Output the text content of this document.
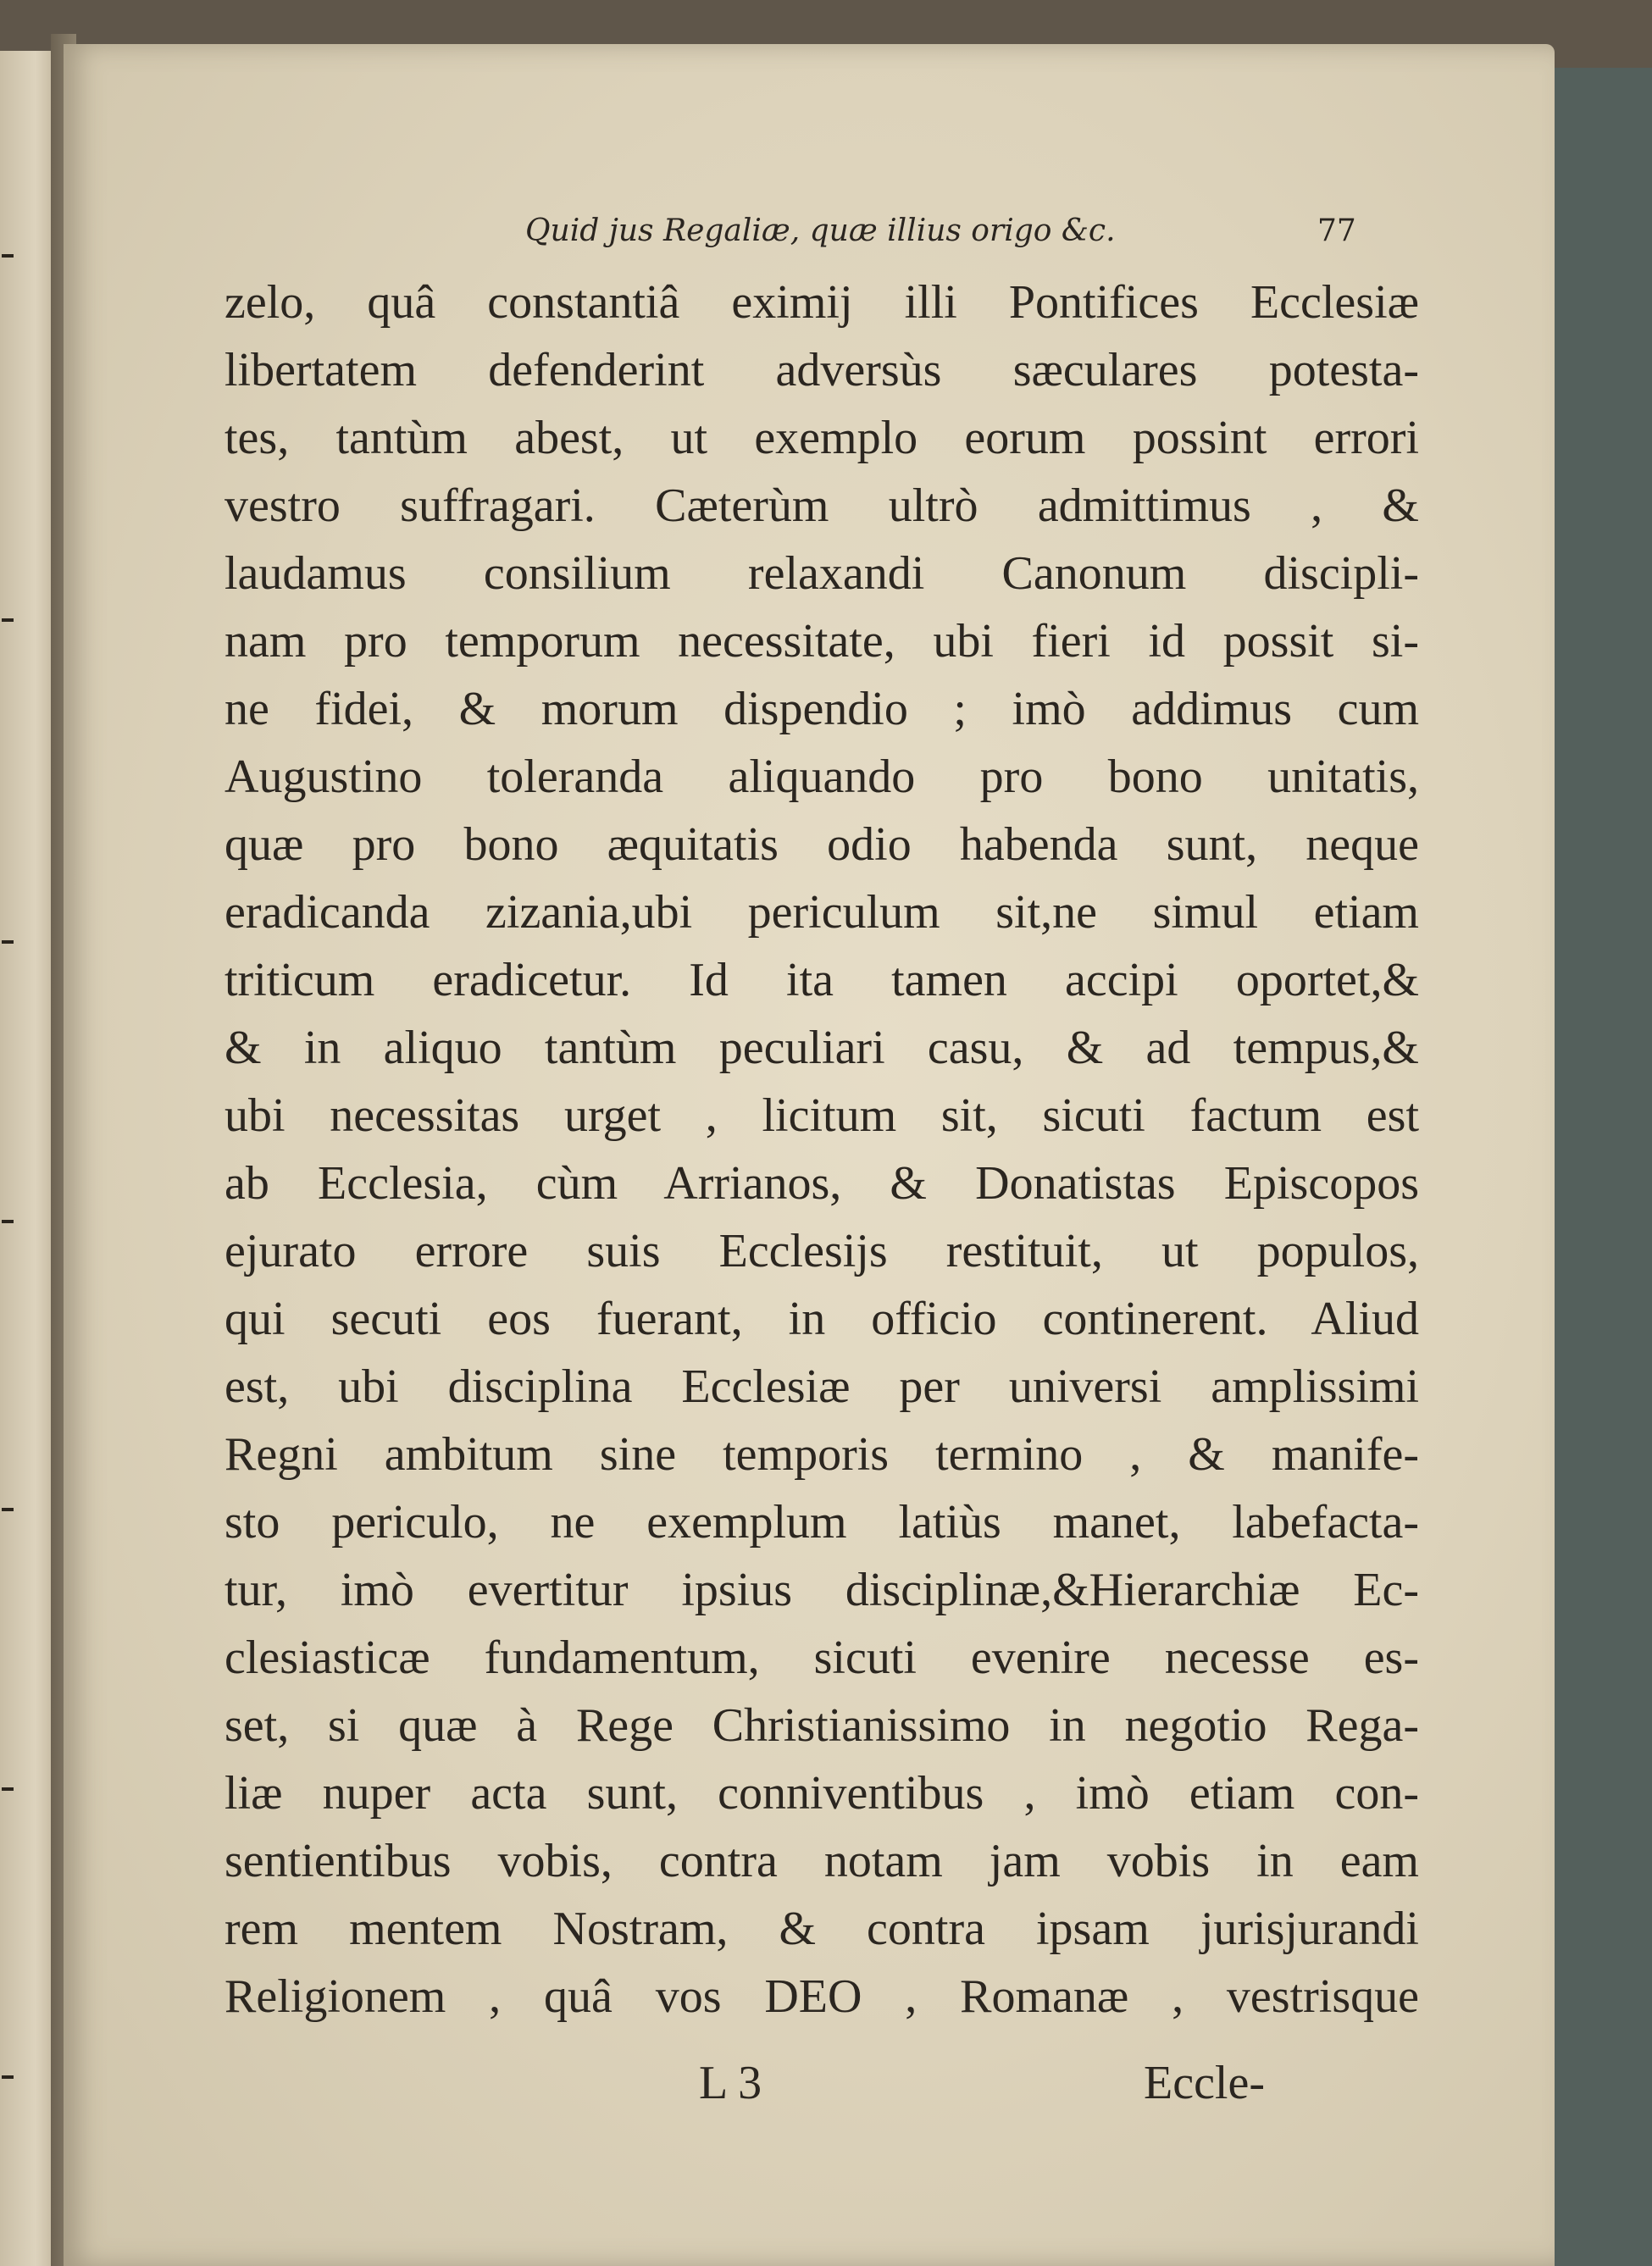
Quid jus Regaliæ, quæ illius origo &c.	77
zelo, quâ constantiâ eximij illi Pontifices Ecclesiæ
libertatem defenderint adversùs sæculares potesta-
tes, tantùm abest, ut exemplo eorum possint errori
vestro suffragari. Cæterùm ultrò admittimus , &
laudamus consilium relaxandi Canonum discipli-
nam pro temporum necessitate, ubi fieri id possit si-
ne fidei, & morum dispendio ; imò addimus cum
Augustino toleranda aliquando pro bono unitatis,
quæ pro bono æquitatis odio habenda sunt, neque
eradicanda zizania,ubi periculum sit,ne simul etiam
triticum eradicetur. Id ita tamen accipi oportet,&
& in aliquo tantùm peculiari casu, & ad tempus,&
ubi necessitas urget , licitum sit, sicuti factum est
ab Ecclesia, cùm Arrianos, & Donatistas Episcopos
ejurato errore suis Ecclesijs restituit, ut populos,
qui secuti eos fuerant, in officio continerent. Aliud
est, ubi disciplina Ecclesiæ per universi amplissimi
Regni ambitum sine temporis termino , & manife-
sto periculo, ne exemplum latiùs manet, labefacta-
tur, imò evertitur ipsius disciplinæ,&Hierarchiæ Ec-
clesiasticæ fundamentum, sicuti evenire necesse es-
set, si quæ à Rege Christianissimo in negotio Rega-
liæ nuper acta sunt, conniventibus , imò etiam con-
sentientibus vobis, contra notam jam vobis in eam
rem mentem Nostram, & contra ipsam jurisjurandi
Religionem , quâ vos DEO , Romanæ , vestrisque
L 3	Eccle-
